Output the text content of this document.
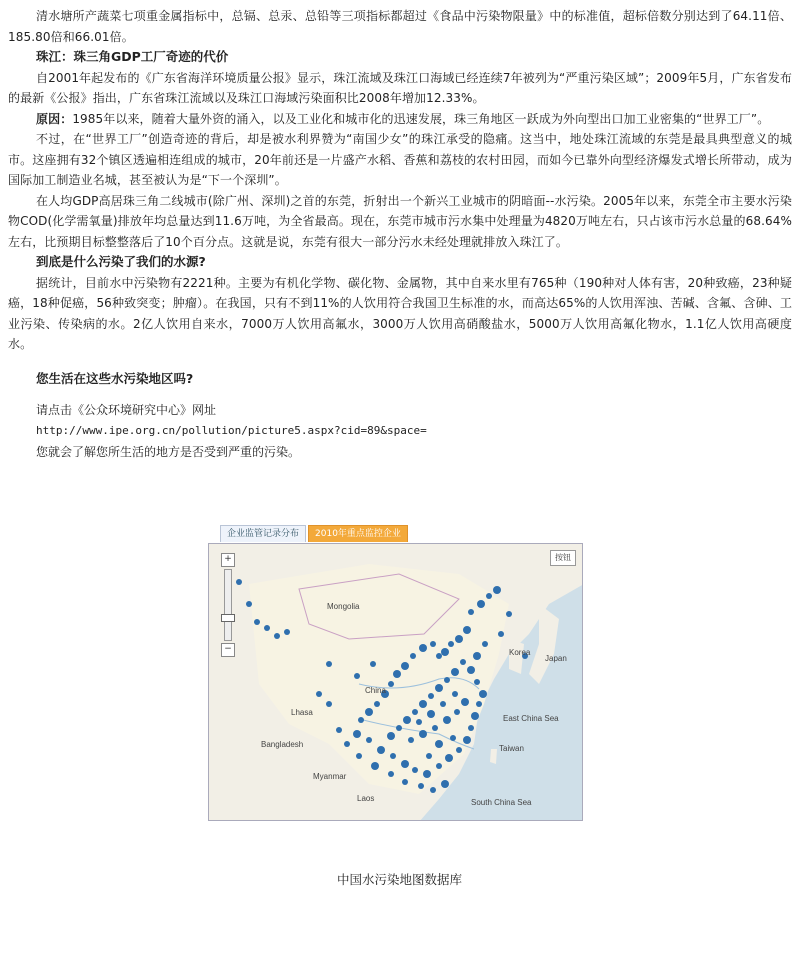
清水塘所产蔬菜七项重金属指标中，总镉、总汞、总铅等三项指标都超过《食品中污染物限量》中的标准值，超标倍数分别达到了64.11倍、185.80倍和66.01倍。

珠江：珠三角GDP工厂奇迹的代价

自2001年起发布的《广东省海洋环境质量公报》显示，珠江流域及珠江口海域已经连续7年被列为“严重污染区域”；2009年5月，广东省发布的最新《公报》指出，广东省珠江流域以及珠江口海域污染面积比2008年增加12.33%。

原因：1985年以来，随着大量外资的涌入，以及工业化和城市化的迅速发展，珠三角地区一跃成为外向型出口加工业密集的“世界工厂”。

不过，在“世界工厂”创造奇迹的背后，却是被水利界赞为“南国少女”的珠江承受的隐痛。这当中，地处珠江流域的东莞是最具典型意义的城市。这座拥有32个镇区透遍相连组成的城市，20年前还是一片盛产水稻、香蕉和荔枝的农村田园，而如今已靠外向型经济爆发式增长所带动，成为国际加工制造业名城，甚至被认为是“下一个深圳”。

在人均GDP高居珠三角二线城市(除广州、深圳)之首的东莞，折射出一个新兴工业城市的阴暗面--水污染。2005年以来，东莞全市主要水污染物COD(化学需氧量)排放年均总量达到11.6万吨，为全省最高。现在，东莞市城市污水集中处理量为4820万吨左右，只占该市污水总量的68.64%左右，比预期目标整整落后了10个百分点。这就是说，东莞有很大一部分污水未经处理就排放入珠江了。

到底是什么污染了我们的水源?

据统计，目前水中污染物有2221种。主要为有机化学物、碳化物、金属物，其中自来水里有765种（190种对人体有害，20种致癌，23种疑癌，18种促癌，56种致突变；肿瘤）。在我国，只有不到11%的人饮用符合我国卫生标准的水，而高达65%的人饮用浑浊、苦碱、含氟、含砷、工业污染、传染病的水。2亿人饮用自来水，7000万人饮用高氟水，3000万人饮用高硝酸盐水，5000万人饮用高氟化物水，1.1亿人饮用高硬度水。

您生活在这些水污染地区吗?

请点击《公众环境研究中心》网址

http://www.ipe.org.cn/pollution/picture5.aspx?cid=89&space=

您就会了解您所生活的地方是否受到严重的污染。

企业监管记录分布	2010年重点监控企业
+
−
按钮
Mongolia
Korea
Japan
China
Lhasa
Bangladesh
Myanmar
Laos
Taiwan
East China Sea
South China Sea
中国水污染地图数据库
